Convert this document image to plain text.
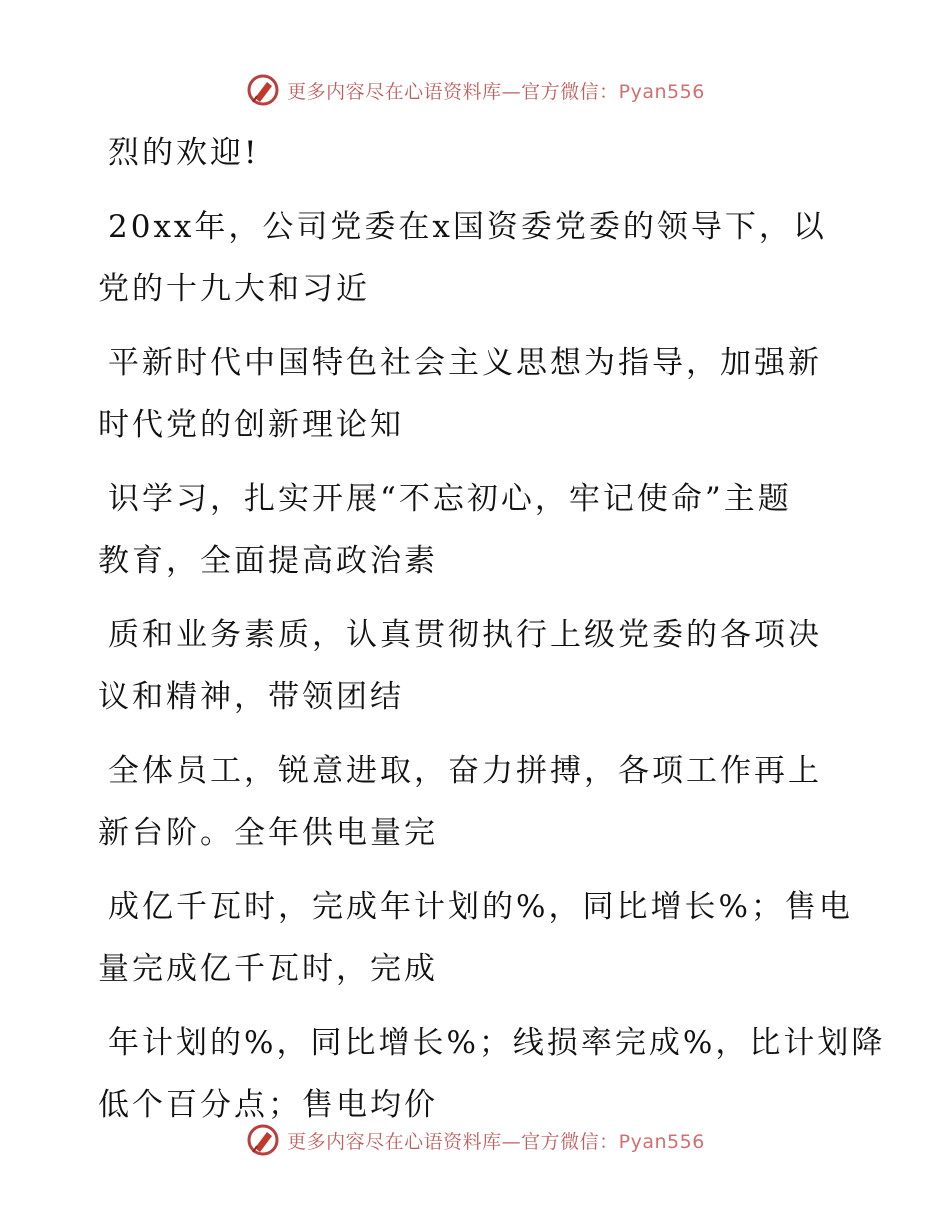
更多内容尽在心语资料库—官方微信：Pyan556
烈的欢迎!
20xx年，公司党委在x国资委党委的领导下，以
党的十九大和习近
平新时代中国特色社会主义思想为指导，加强新
时代党的创新理论知
识学习，扎实开展“不忘初心，牢记使命”主题
教育，全面提高政治素
质和业务素质，认真贯彻执行上级党委的各项决
议和精神，带领团结
全体员工，锐意进取，奋力拼搏，各项工作再上
新台阶。全年供电量完
成亿千瓦时，完成年计划的%，同比增长%；售电
量完成亿千瓦时，完成
年计划的%，同比增长%；线损率完成%，比计划降
低个百分点；售电均价
更多内容尽在心语资料库—官方微信：Pyan556
